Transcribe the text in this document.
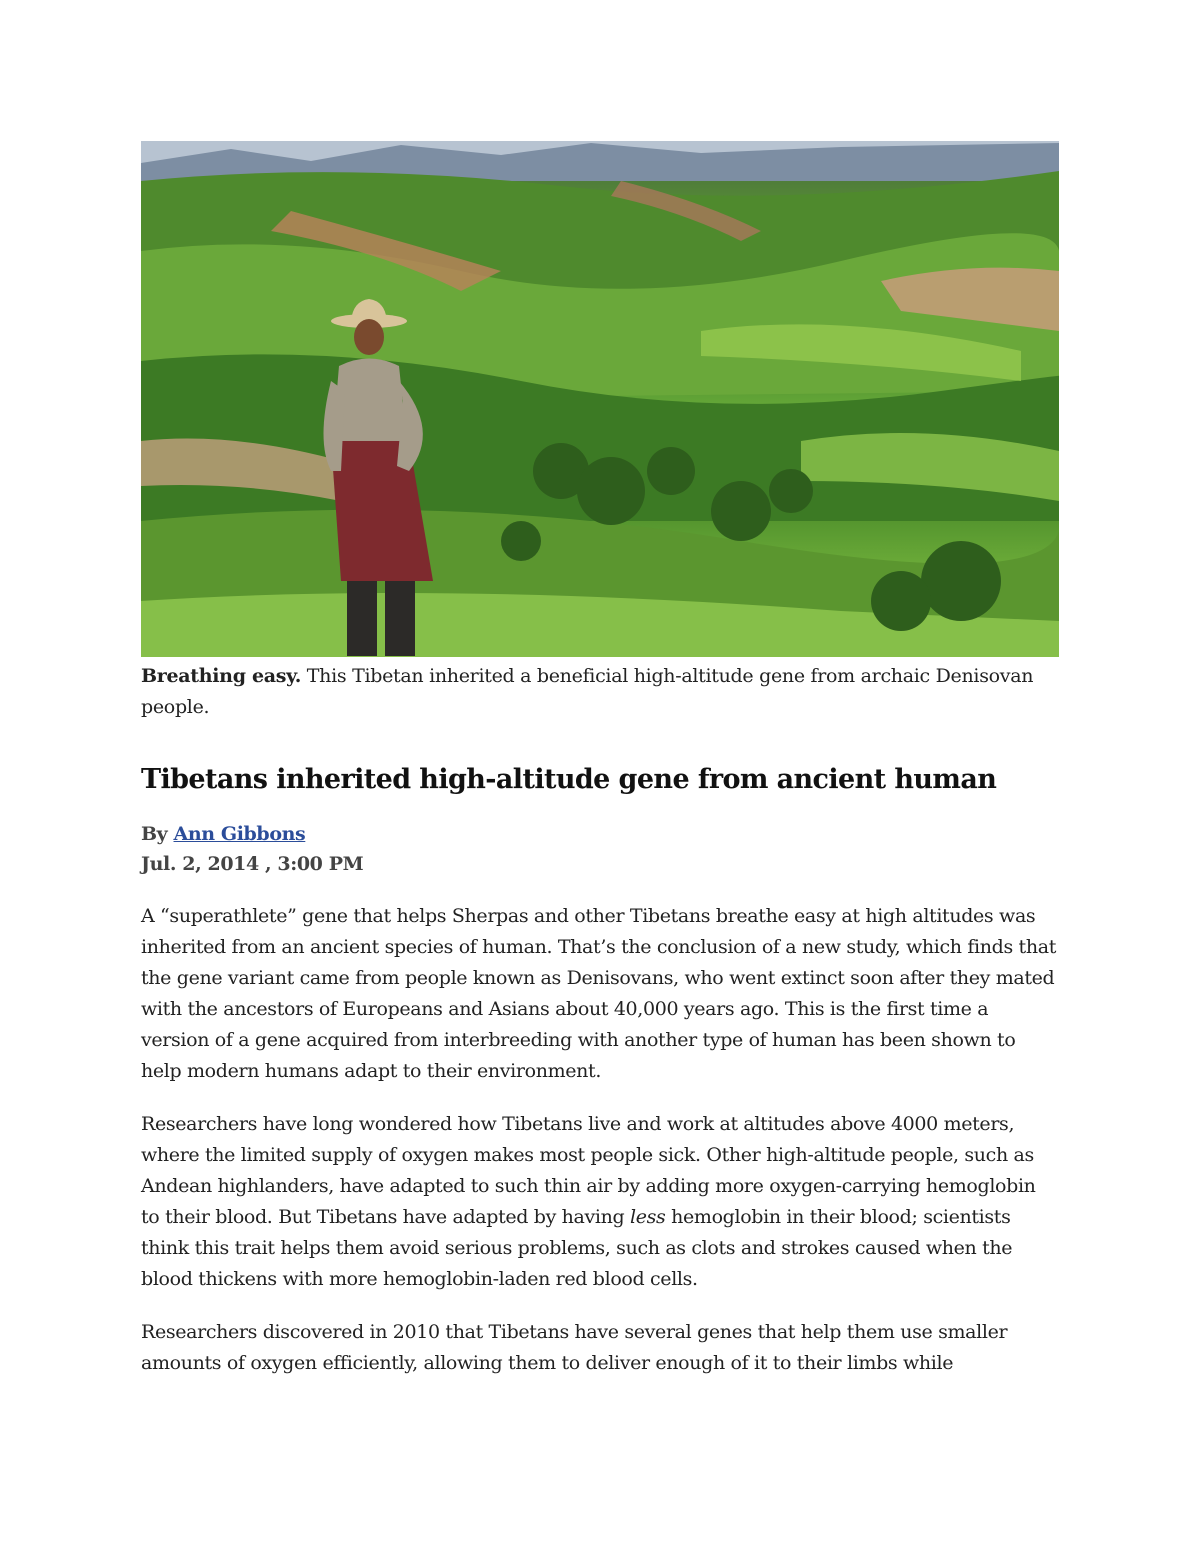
Breathing easy. This Tibetan inherited a beneficial high-altitude gene from archaic Denisovan people.
Tibetans inherited high-altitude gene from ancient human
By Ann Gibbons
Jul. 2, 2014 , 3:00 PM

A “superathlete” gene that helps Sherpas and other Tibetans breathe easy at high altitudes was inherited from an ancient species of human. That’s the conclusion of a new study, which finds that the gene variant came from people known as Denisovans, who went extinct soon after they mated with the ancestors of Europeans and Asians about 40,000 years ago. This is the first time a version of a gene acquired from interbreeding with another type of human has been shown to help modern humans adapt to their environment.

Researchers have long wondered how Tibetans live and work at altitudes above 4000 meters, where the limited supply of oxygen makes most people sick. Other high-altitude people, such as Andean highlanders, have adapted to such thin air by adding more oxygen-carrying hemoglobin to their blood. But Tibetans have adapted by having less hemoglobin in their blood; scientists think this trait helps them avoid serious problems, such as clots and strokes caused when the blood thickens with more hemoglobin-laden red blood cells.

Researchers discovered in 2010 that Tibetans have several genes that help them use smaller amounts of oxygen efficiently, allowing them to deliver enough of it to their limbs while
